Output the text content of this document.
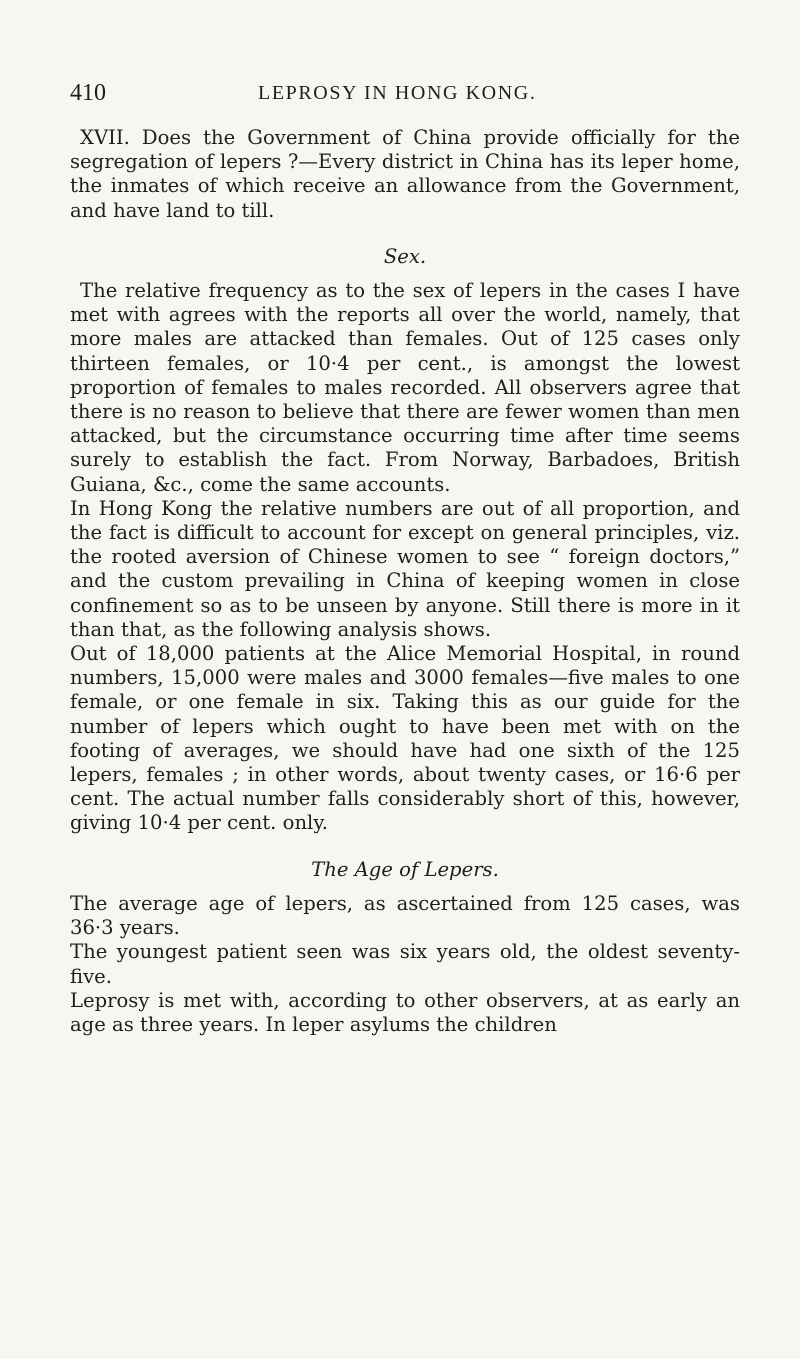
410	LEPROSY IN HONG KONG.

XVII. Does the Government of China provide officially for the segregation of lepers ?—Every district in China has its leper home, the inmates of which receive an allowance from the Government, and have land to till.

Sex.

The relative frequency as to the sex of lepers in the cases I have met with agrees with the reports all over the world, namely, that more males are attacked than females. Out of 125 cases only thirteen females, or 10·4 per cent., is amongst the lowest proportion of females to males recorded. All observers agree that there is no reason to believe that there are fewer women than men attacked, but the circumstance occurring time after time seems surely to establish the fact. From Norway, Barbadoes, British Guiana, &c., come the same accounts.

In Hong Kong the relative numbers are out of all proportion, and the fact is difficult to account for except on general principles, viz. the rooted aversion of Chinese women to see “ foreign doctors,” and the custom prevailing in China of keeping women in close confinement so as to be unseen by anyone. Still there is more in it than that, as the following analysis shows.

Out of 18,000 patients at the Alice Memorial Hospital, in round numbers, 15,000 were males and 3000 females—five males to one female, or one female in six. Taking this as our guide for the number of lepers which ought to have been met with on the footing of averages, we should have had one sixth of the 125 lepers, females ; in other words, about twenty cases, or 16·6 per cent. The actual number falls considerably short of this, however, giving 10·4 per cent. only.

The Age of Lepers.

The average age of lepers, as ascertained from 125 cases, was 36·3 years.

The youngest patient seen was six years old, the oldest seventy-five.

Leprosy is met with, according to other observers, at as early an age as three years. In leper asylums the children
